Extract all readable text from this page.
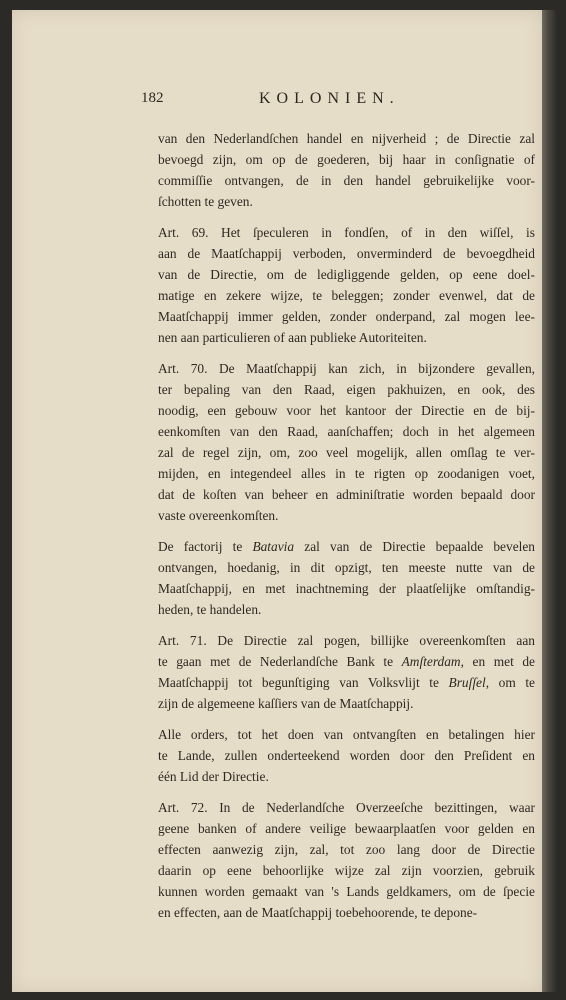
182	KOLONIEN.

van den Nederlandſchen handel en nijverheid ; de Directie zal
bevoegd zijn, om op de goederen, bij haar in conſignatie of
commiſſie ontvangen, de in den handel gebruikelijke voor-
ſchotten te geven.

Art. 69. Het ſpeculeren in fondſen, of in den wiſſel, is
aan de Maatſchappij verboden, onverminderd de bevoegdheid
van de Directie, om de ledigliggende gelden, op eene doel-
matige en zekere wijze, te beleggen; zonder evenwel, dat de
Maatſchappij immer gelden, zonder onderpand, zal mogen lee-
nen aan particulieren of aan publieke Autoriteiten.

Art. 70. De Maatſchappij kan zich, in bijzondere gevallen,
ter bepaling van den Raad, eigen pakhuizen, en ook, des
noodig, een gebouw voor het kantoor der Directie en de bij-
eenkomſten van den Raad, aanſchaffen; doch in het algemeen
zal de regel zijn, om, zoo veel mogelijk, allen omſlag te ver-
mijden, en integendeel alles in te rigten op zoodanigen voet,
dat de koſten van beheer en adminiſtratie worden bepaald door
vaste overeenkomſten.

De factorij te Batavia zal van de Directie bepaalde bevelen
ontvangen, hoedanig, in dit opzigt, ten meeste nutte van de
Maatſchappij, en met inachtneming der plaatſelijke omſtandig-
heden, te handelen.

Art. 71. De Directie zal pogen, billijke overeenkomſten aan
te gaan met de Nederlandſche Bank te Amſterdam, en met de
Maatſchappij tot begunſtiging van Volksvlijt te Bruſſel, om te
zijn de algemeene kaſſiers van de Maatſchappij.

Alle orders, tot het doen van ontvangſten en betalingen hier
te Lande, zullen onderteekend worden door den Preſident en
één Lid der Directie.

Art. 72. In de Nederlandſche Overzeeſche bezittingen, waar
geene banken of andere veilige bewaarplaatſen voor gelden en
effecten aanwezig zijn, zal, tot zoo lang door de Directie
daarin op eene behoorlijke wijze zal zijn voorzien, gebruik
kunnen worden gemaakt van 's Lands geldkamers, om de ſpecie
en effecten, aan de Maatſchappij toebehoorende, te depone-
